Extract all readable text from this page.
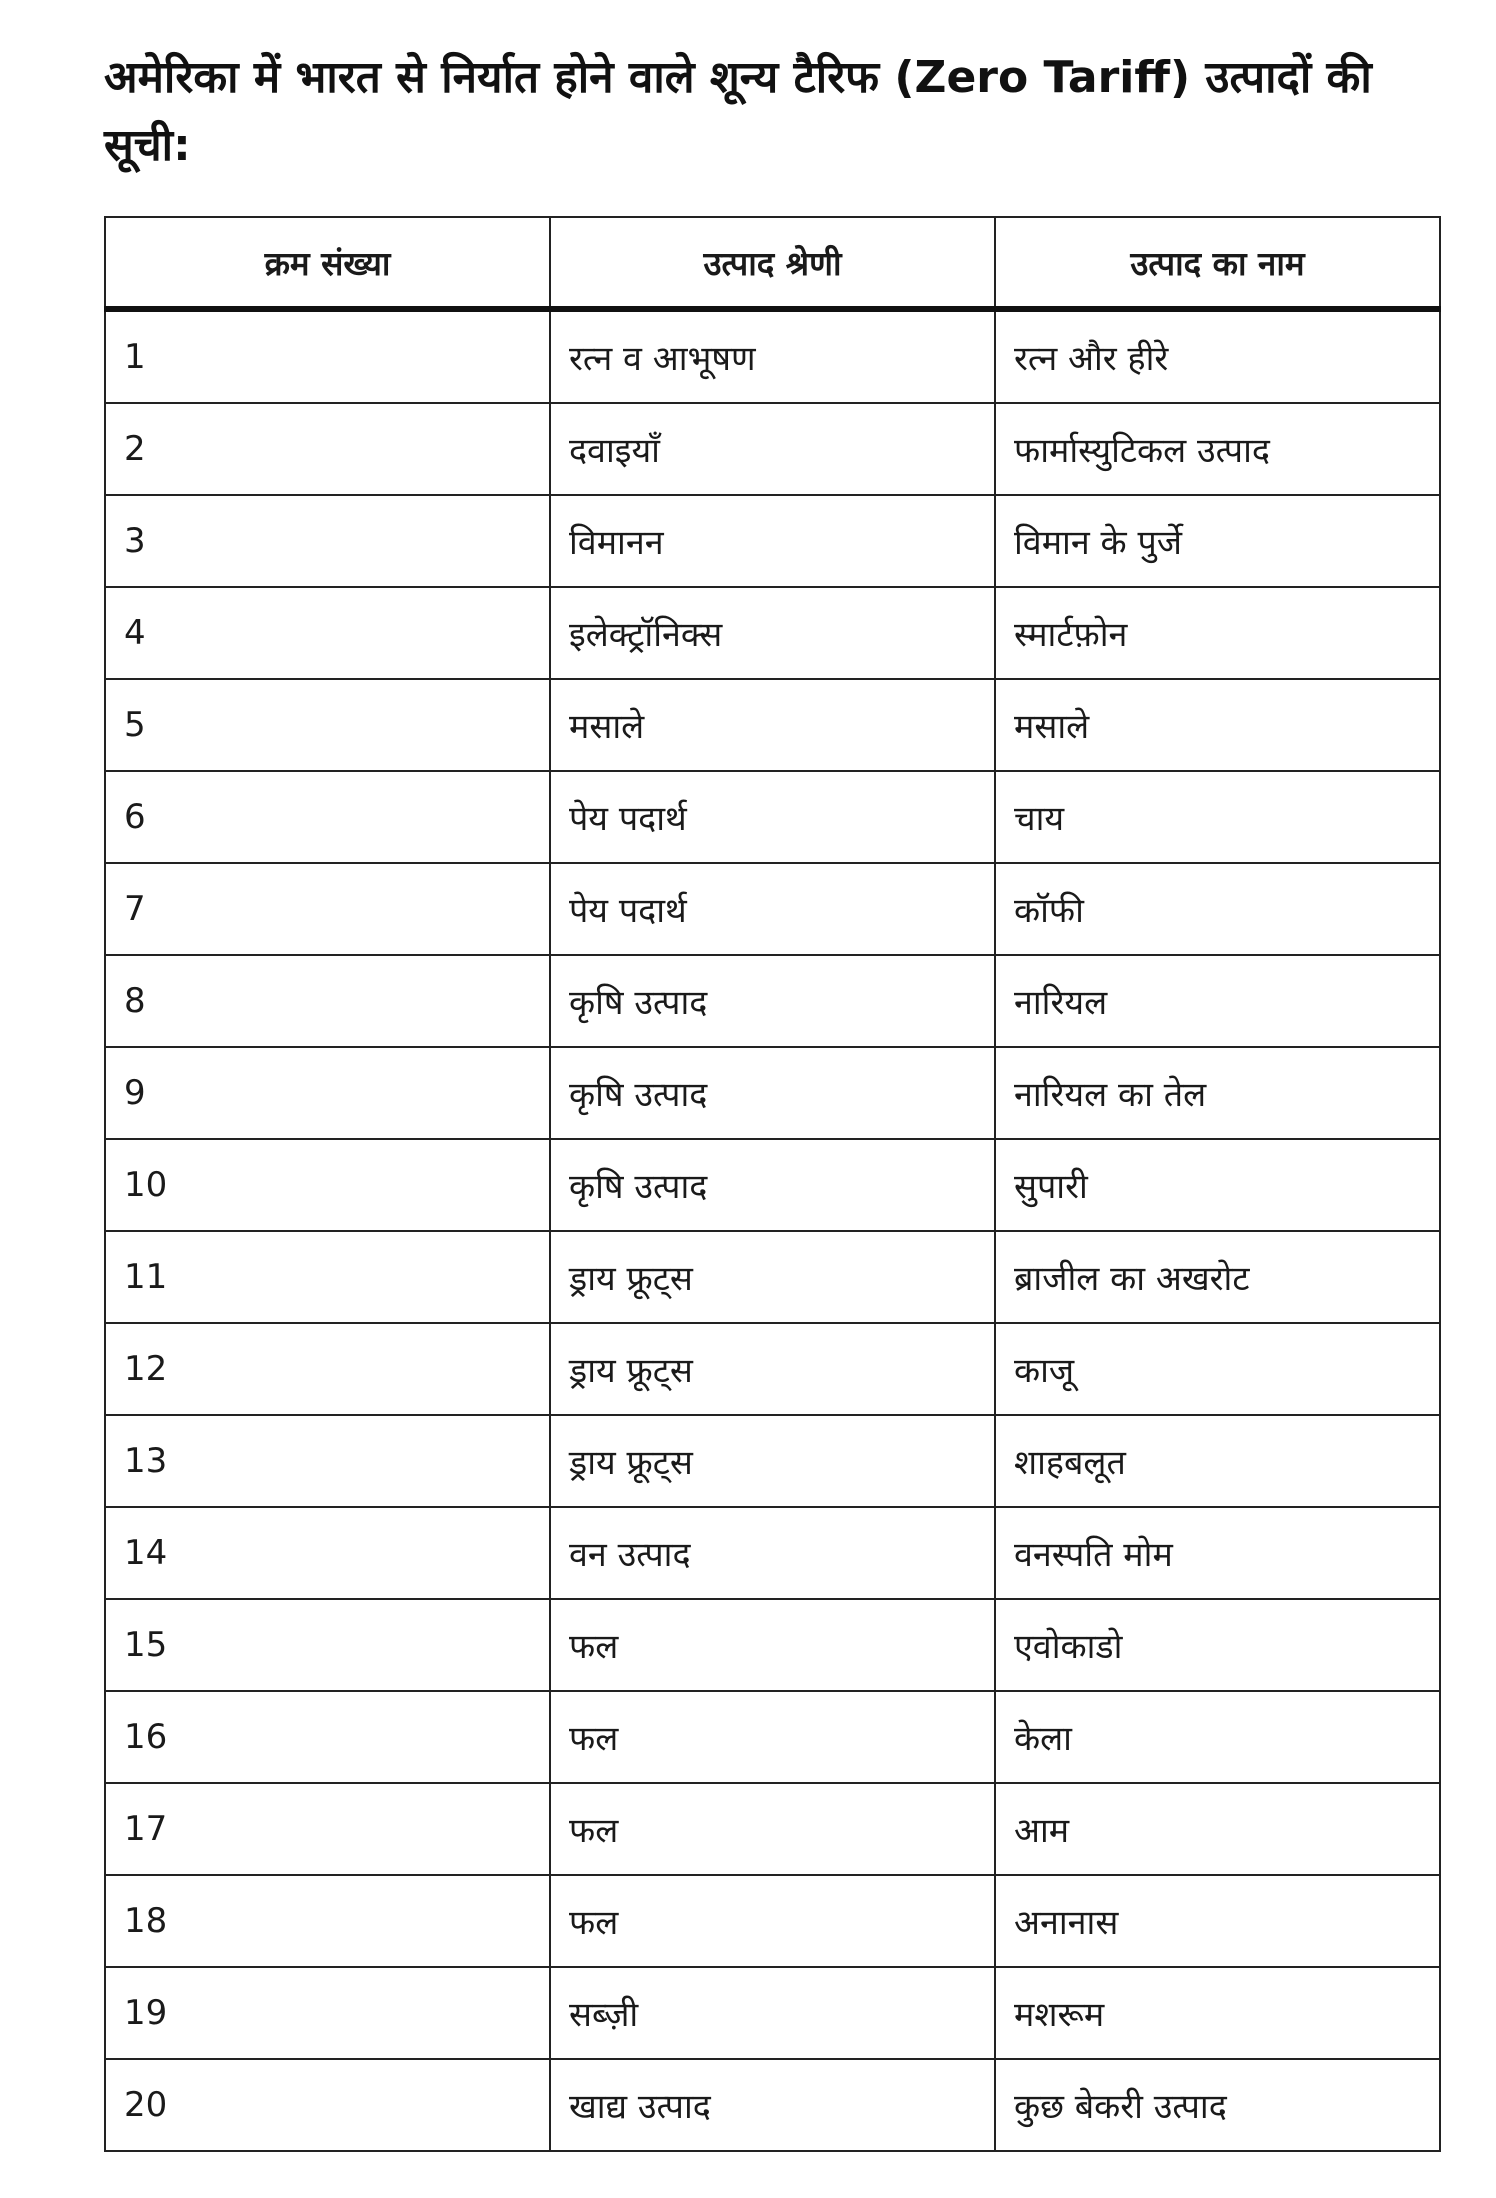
अमेरिका में भारत से निर्यात होने वाले शून्य टैरिफ (Zero Tariff) उत्पादों की सूची:
क्रम संख्या	उत्पाद श्रेणी	उत्पाद का नाम
1	रत्न व आभूषण	रत्न और हीरे
2	दवाइयाँ	फार्मास्युटिकल उत्पाद
3	विमानन	विमान के पुर्जे
4	इलेक्ट्रॉनिक्स	स्मार्टफ़ोन
5	मसाले	मसाले
6	पेय पदार्थ	चाय
7	पेय पदार्थ	कॉफी
8	कृषि उत्पाद	नारियल
9	कृषि उत्पाद	नारियल का तेल
10	कृषि उत्पाद	सुपारी
11	ड्राय फ्रूट्स	ब्राजील का अखरोट
12	ड्राय फ्रूट्स	काजू
13	ड्राय फ्रूट्स	शाहबलूत
14	वन उत्पाद	वनस्पति मोम
15	फल	एवोकाडो
16	फल	केला
17	फल	आम
18	फल	अनानास
19	सब्ज़ी	मशरूम
20	खाद्य उत्पाद	कुछ बेकरी उत्पाद
